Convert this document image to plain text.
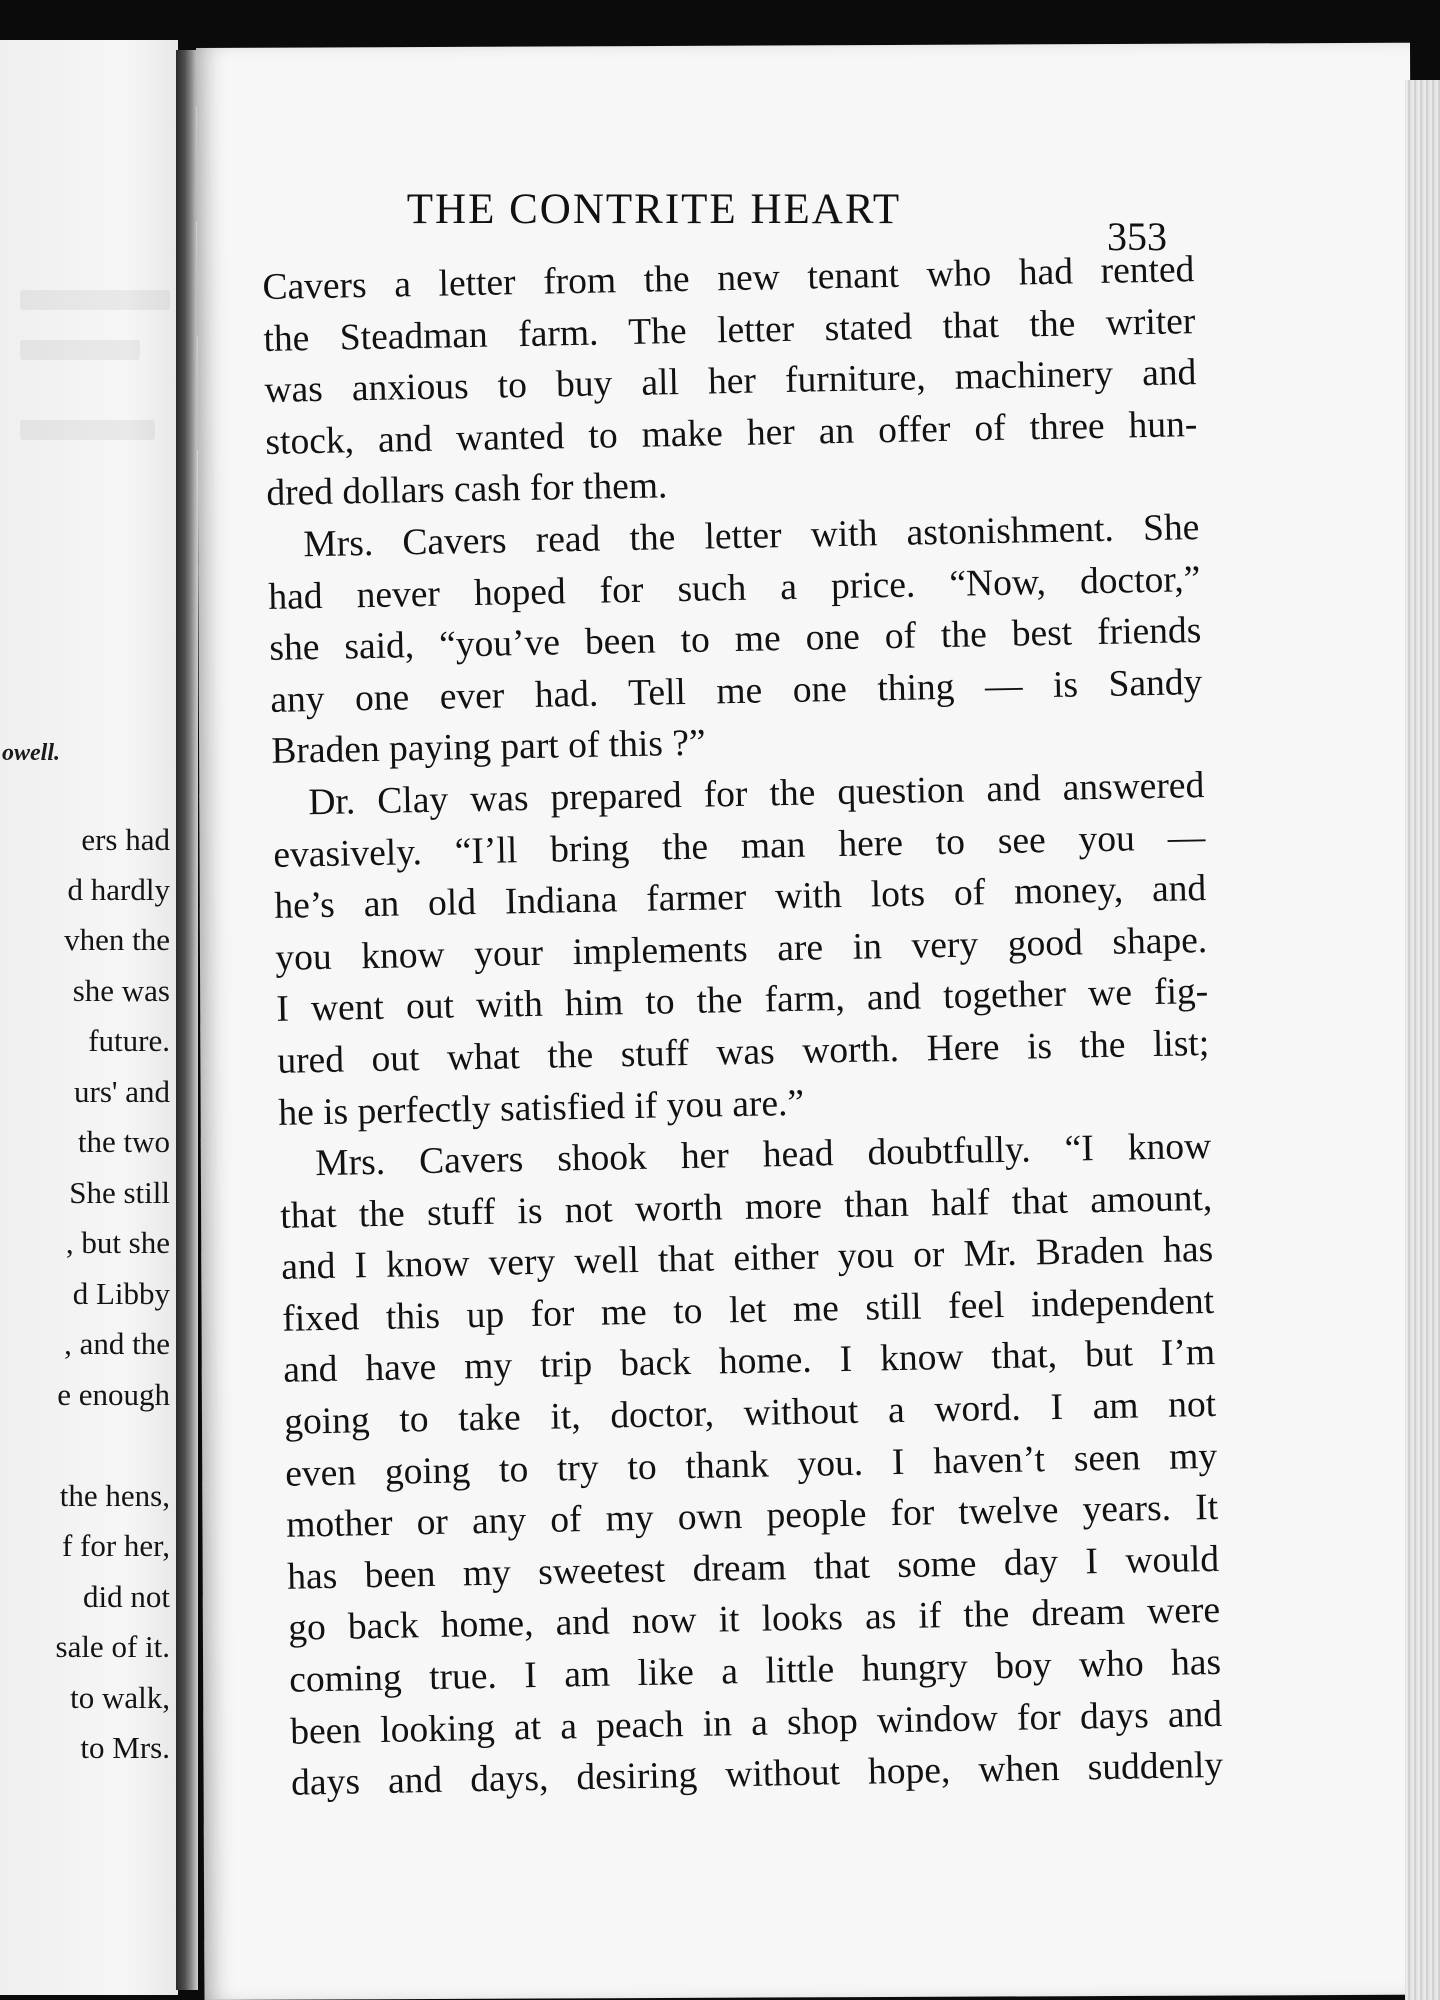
owell.
ers had
d hardly
vhen the
she was
future.
urs' and
the two
She still
, but she
d Libby
, and the
e enough
the hens,
f for her,
did not
sale of it.
to walk,
to Mrs.
THE CONTRITE HEART
353

Cavers a letter from the new tenant who had rented
the Steadman farm. The letter stated that the writer
was anxious to buy all her furniture, machinery and
stock, and wanted to make her an offer of three hun-
dred dollars cash for them.

Mrs. Cavers read the letter with astonishment. She
had never hoped for such a price. “Now, doctor,”
she said, “you’ve been to me one of the best friends
any one ever had. Tell me one thing — is Sandy
Braden paying part of this ?”

Dr. Clay was prepared for the question and answered
evasively. “I’ll bring the man here to see you —
he’s an old Indiana farmer with lots of money, and
you know your implements are in very good shape.
I went out with him to the farm, and together we fig-
ured out what the stuff was worth. Here is the list;
he is perfectly satisfied if you are.”

Mrs. Cavers shook her head doubtfully. “I know
that the stuff is not worth more than half that amount,
and I know very well that either you or Mr. Braden has
fixed this up for me to let me still feel independent
and have my trip back home. I know that, but I’m
going to take it, doctor, without a word. I am not
even going to try to thank you. I haven’t seen my
mother or any of my own people for twelve years. It
has been my sweetest dream that some day I would
go back home, and now it looks as if the dream were
coming true. I am like a little hungry boy who has
been looking at a peach in a shop window for days and
days and days, desiring without hope, when suddenly
